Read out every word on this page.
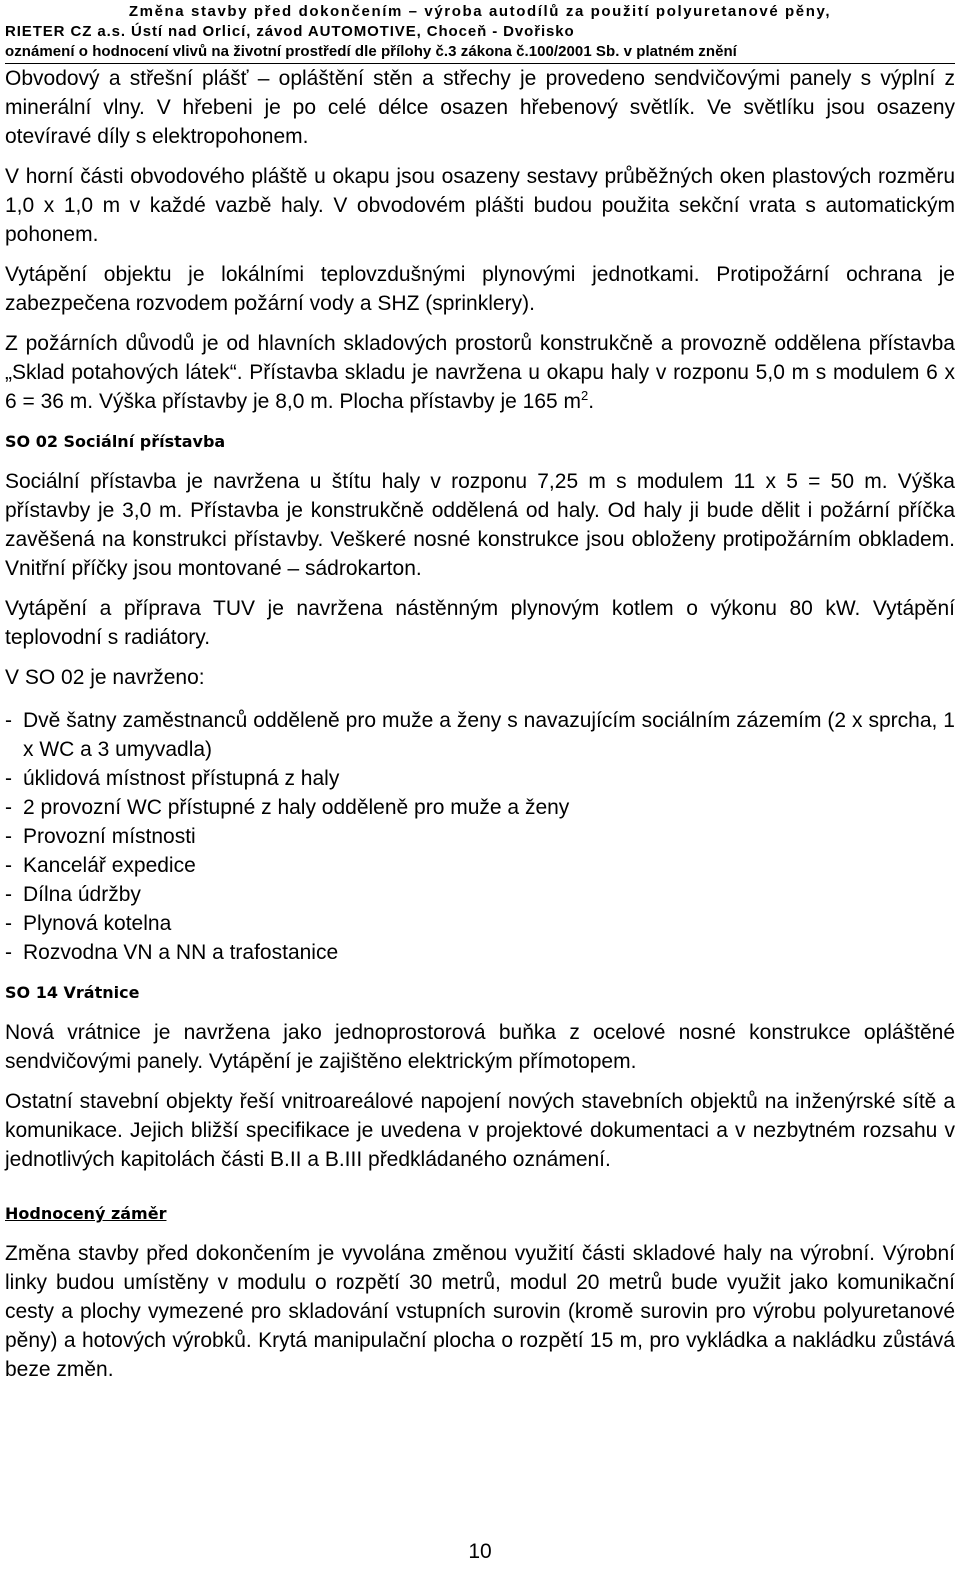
Změna stavby před dokončením – výroba autodílů za použití polyuretanové pěny,
RIETER CZ a.s. Ústí nad Orlicí, závod AUTOMOTIVE, Choceň - Dvořisko
oznámení o hodnocení vlivů na životní prostředí dle přílohy č.3 zákona č.100/2001 Sb. v platném znění

Obvodový a střešní plášť – opláštění stěn a střechy je provedeno sendvičovými panely s výplní z minerální vlny. V hřebeni je po celé délce osazen hřebenový světlík. Ve světlíku jsou osazeny otevíravé díly s elektropohonem.

V horní části obvodového pláště u okapu jsou osazeny sestavy průběžných oken plastových rozměru 1,0 x 1,0 m v každé vazbě haly. V obvodovém plášti budou použita sekční vrata s automatickým pohonem.

Vytápění objektu je lokálními teplovzdušnými plynovými jednotkami. Protipožární ochrana je zabezpečena rozvodem požární vody a SHZ (sprinklery).

Z požárních důvodů je od hlavních skladových prostorů konstrukčně a provozně oddělena přístavba „Sklad potahových látek“. Přístavba skladu je navržena u okapu haly v rozponu 5,0 m s modulem 6 x 6 = 36 m. Výška přístavby je 8,0 m. Plocha přístavby je 165 $m^2$.

SO 02 Sociální přístavba

Sociální přístavba je navržena u štítu haly v rozponu 7,25 m s modulem 11 x 5 = 50 m. Výška přístavby je 3,0 m. Přístavba je konstrukčně oddělená od haly. Od haly ji bude dělit i požární příčka zavěšená na konstrukci přístavby. Veškeré nosné konstrukce jsou obloženy protipožárním obkladem. Vnitřní příčky jsou montované – sádrokarton.

Vytápění a příprava TUV je navržena nástěnným plynovým kotlem o výkonu 80 kW. Vytápění teplovodní s radiátory.

V SO 02 je navrženo:

- Dvě šatny zaměstnanců odděleně pro muže a ženy s navazujícím sociálním zázemím (2 x sprcha, 1 x WC a 3 umyvadla)
- úklidová místnost přístupná z haly
- 2 provozní WC přístupné z haly odděleně pro muže a ženy
- Provozní místnosti
- Kancelář expedice
- Dílna údržby
- Plynová kotelna
- Rozvodna VN a NN a trafostanice

SO 14 Vrátnice

Nová vrátnice je navržena jako jednoprostorová buňka z ocelové nosné konstrukce opláštěné sendvičovými panely. Vytápění je zajištěno elektrickým přímotopem.

Ostatní stavební objekty řeší vnitroareálové napojení nových stavebních objektů na inženýrské sítě a komunikace. Jejich bližší specifikace je uvedena v projektové dokumentaci a v nezbytném rozsahu v jednotlivých kapitolách části B.II a B.III předkládaného oznámení.

Hodnocený záměr

Změna stavby před dokončením je vyvolána změnou využití části skladové haly na výrobní. Výrobní linky budou umístěny v modulu o rozpětí 30 metrů, modul 20 metrů bude využit jako komunikační cesty a plochy vymezené pro skladování vstupních surovin (kromě surovin pro výrobu polyuretanové pěny) a hotových výrobků. Krytá manipulační plocha o rozpětí 15 m, pro vykládka a nakládku zůstává beze změn.

10
